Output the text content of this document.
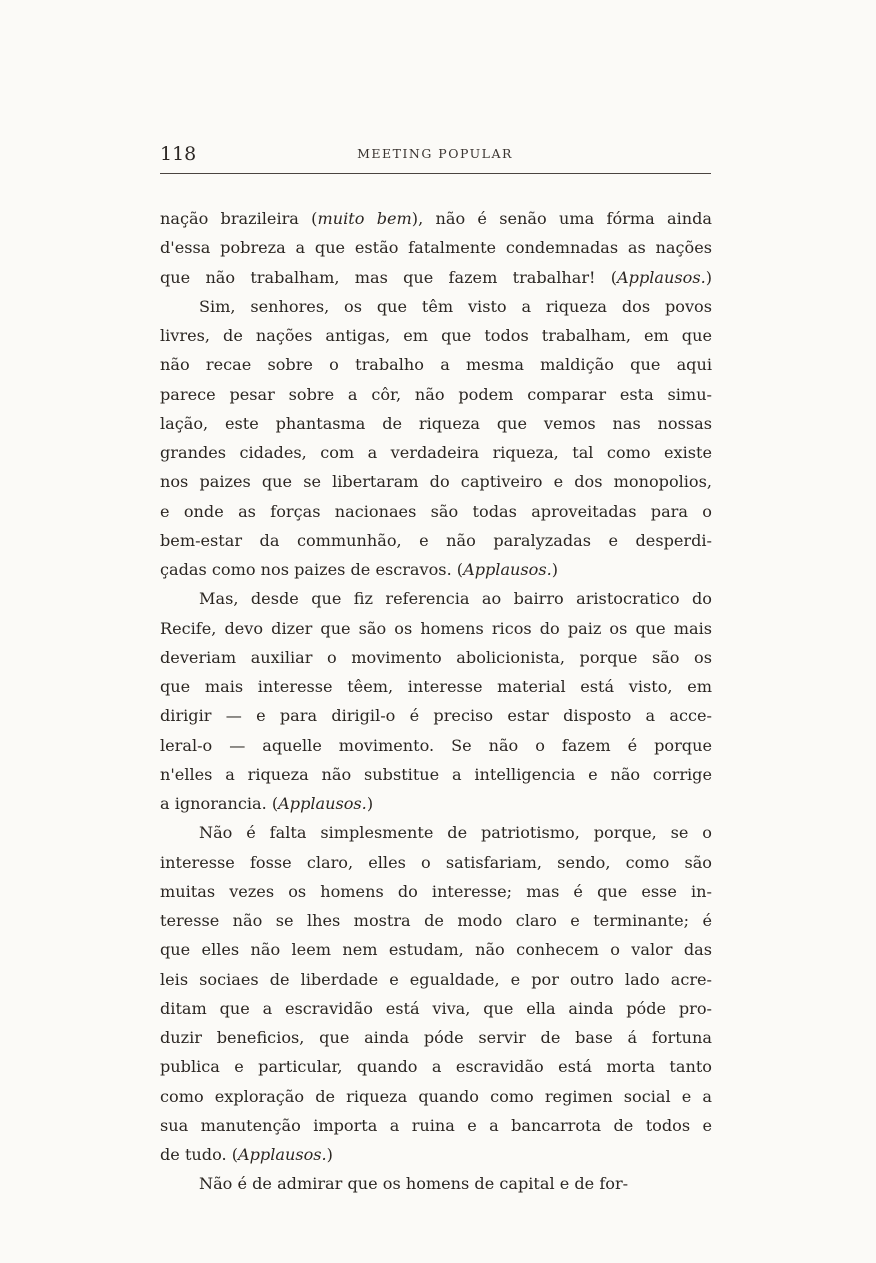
118	MEETING POPULAR
nação brazileira (muito bem), não é senão uma fórma ainda
d'essa pobreza a que estão fatalmente condemnadas as nações
que não trabalham, mas que fazem trabalhar! (Applausos.)
Sim, senhores, os que têm visto a riqueza dos povos
livres, de nações antigas, em que todos trabalham, em que
não recae sobre o trabalho a mesma maldição que aqui
parece pesar sobre a côr, não podem comparar esta simu-
lação, este phantasma de riqueza que vemos nas nossas
grandes cidades, com a verdadeira riqueza, tal como existe
nos paizes que se libertaram do captiveiro e dos monopolios,
e onde as forças nacionaes são todas aproveitadas para o
bem-estar da communhão, e não paralyzadas e desperdi-
çadas como nos paizes de escravos. (Applausos.)
Mas, desde que fiz referencia ao bairro aristocratico do
Recife, devo dizer que são os homens ricos do paiz os que mais
deveriam auxiliar o movimento abolicionista, porque são os
que mais interesse têem, interesse material está visto, em
dirigir — e para dirigil-o é preciso estar disposto a acce-
leral-o — aquelle movimento. Se não o fazem é porque
n'elles a riqueza não substitue a intelligencia e não corrige
a ignorancia. (Applausos.)
Não é falta simplesmente de patriotismo, porque, se o
interesse fosse claro, elles o satisfariam, sendo, como são
muitas vezes os homens do interesse; mas é que esse in-
teresse não se lhes mostra de modo claro e terminante; é
que elles não leem nem estudam, não conhecem o valor das
leis sociaes de liberdade e egualdade, e por outro lado acre-
ditam que a escravidão está viva, que ella ainda póde pro-
duzir beneficios, que ainda póde servir de base á fortuna
publica e particular, quando a escravidão está morta tanto
como exploração de riqueza quando como regimen social e a
sua manutenção importa a ruina e a bancarrota de todos e
de tudo. (Applausos.)
Não é de admirar que os homens de capital e de for-
